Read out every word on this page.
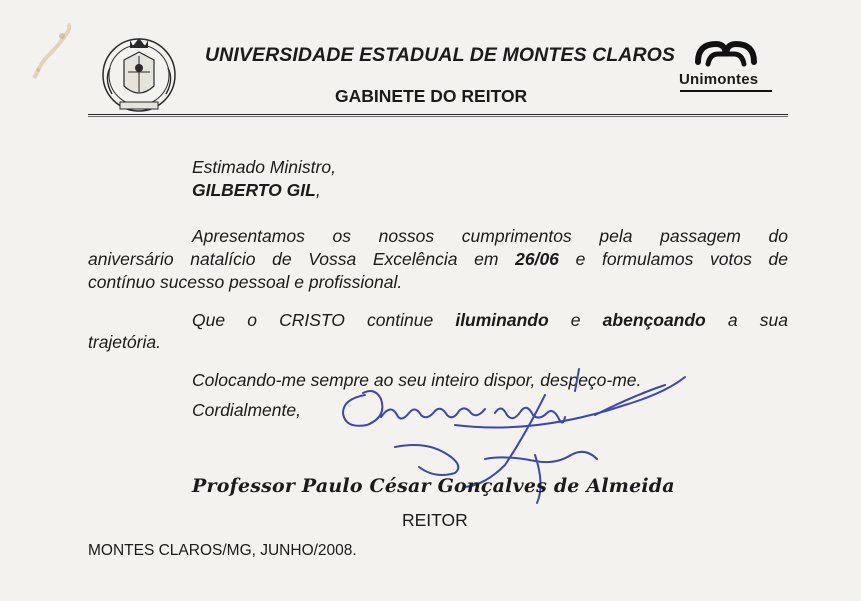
UNIVERSIDADE ESTADUAL DE MONTES CLAROS
GABINETE DO REITOR
Unimontes
Estimado Ministro,
GILBERTO GIL,
Apresentamos os nossos cumprimentos pela passagem do
aniversário natalício de Vossa Excelência em 26/06 e formulamos votos de
contínuo sucesso pessoal e profissional.
Que o CRISTO continue iluminando e abençoando a sua
trajetória.
Colocando-me sempre ao seu inteiro dispor, despeço-me.
Cordialmente,
Professor Paulo César Gonçalves de Almeida
REITOR
MONTES CLAROS/MG, JUNHO/2008.
